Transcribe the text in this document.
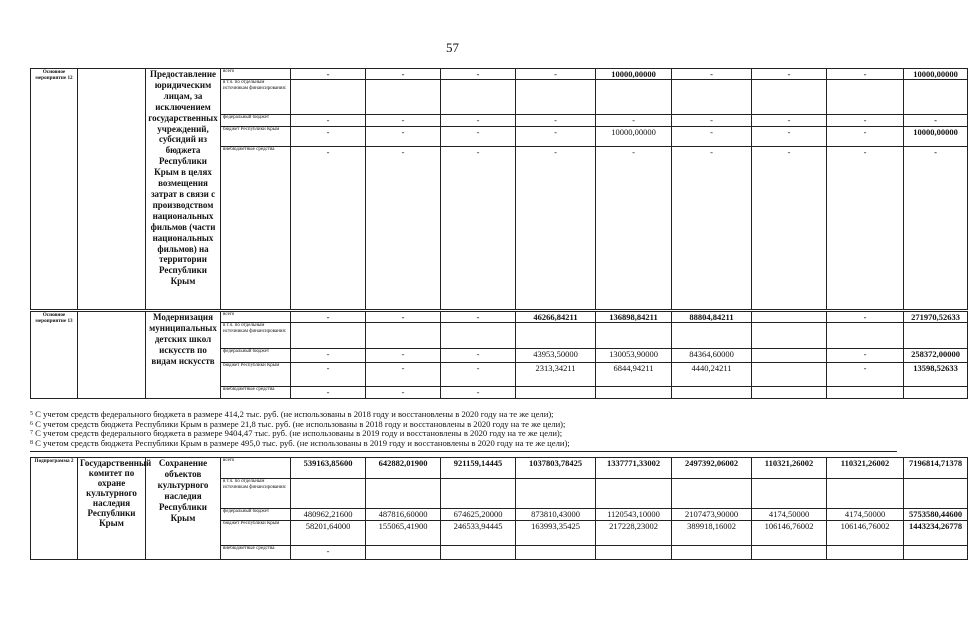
57
Основное мероприятие 12		Предоставление юридическим лицам, за исключением государственных учреждений, субсидий из бюджета Республики Крым в целях возмещения затрат в связи с производством национальных фильмов (части национальных фильмов) на территории Республики Крым	всего	-	-	-	-	10000,00000	-	-	-	10000,00000
			в т.ч. по отдельным источникам финансирования:									
			федеральный бюджет	-	-	-	-	-	-	-	-	-
			бюджет Республики Крым	-	-	-	-	10000,00000	-	-	-	10000,00000
			внебюджетные средства	-	-	-	-	-	-	-	-	-
Основное мероприятие 13		Модернизация муниципальных детских школ искусств по видам искусств	всего	-	-	-	46266,84211	136898,84211	88804,84211		-	271970,52633
			в т.ч. по отдельным источникам финансирования:									
			федеральный бюджет	-	-	-	43953,50000	130053,90000	84364,60000		-	258372,00000
			бюджет Республики Крым	-	-	-	2313,34211	6844,94211	4440,24211		-	13598,52633
			внебюджетные средства	-	-	-						
$^5$ С учетом средств федерального бюджета в размере 414,2 тыс. руб. (не использованы в 2018 году и восстановлены в 2020 году на те же цели);
$^6$ С учетом средств бюджета Республики Крым в размере 21,8 тыс. руб. (не использованы в 2018 году и восстановлены в 2020 году на те же цели);
$^7$ С учетом средств федерального бюджета в размере 9404,47 тыс. руб. (не использованы в 2019 году и восстановлены в 2020 году на те же цели);
$^8$ С учетом средств бюджета Республики Крым в размере 495,0 тыс. руб. (не использованы в 2019 году и восстановлены в 2020 году на те же цели);
Подпрограмма 2	Государственный комитет по охране культурного наследия Республики Крым	Сохранение объектов культурного наследия Республики Крым	всего	539163,85600	642882,01900	921159,14445	1037803,78425	1337771,33002	2497392,06002	110321,26002	110321,26002	7196814,71378
			в т.ч. по отдельным источникам финансирования:									
			федеральный бюджет	480962,21600	487816,60000	674625,20000	873810,43000	1120543,10000	2107473,90000	4174,50000	4174,50000	5753580,44600
			бюджет Республики Крым	58201,64000	155065,41900	246533,94445	163993,35425	217228,23002	389918,16002	106146,76002	106146,76002	1443234,26778
			внебюджетные средства	-								
